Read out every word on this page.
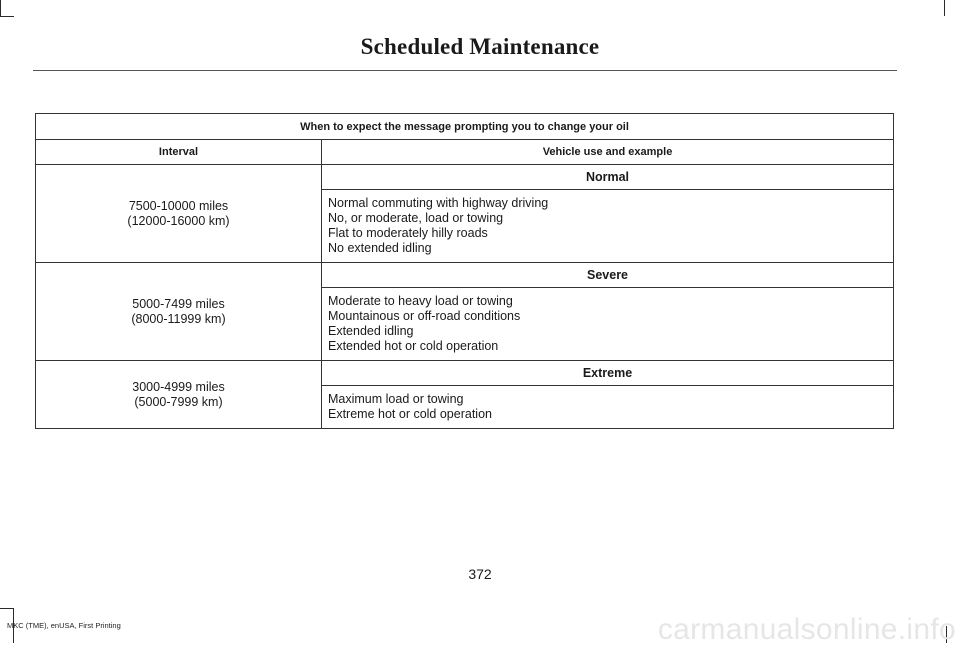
Scheduled Maintenance
When to expect the message prompting you to change your oil	
Interval	Vehicle use and example

7500-10000 miles
(12000-16000 km)	Normal

	Normal commuting with highway driving
No, or moderate, load or towing
Flat to moderately hilly roads
No extended idling

5000-7499 miles
(8000-11999 km)	Severe

	Moderate to heavy load or towing
Mountainous or off-road conditions
Extended idling
Extended hot or cold operation

3000-4999 miles
(5000-7999 km)	Extreme

	Maximum load or towing
Extreme hot or cold operation
372
MKC (TME), enUSA, First Printing	carmanualsonline.info
